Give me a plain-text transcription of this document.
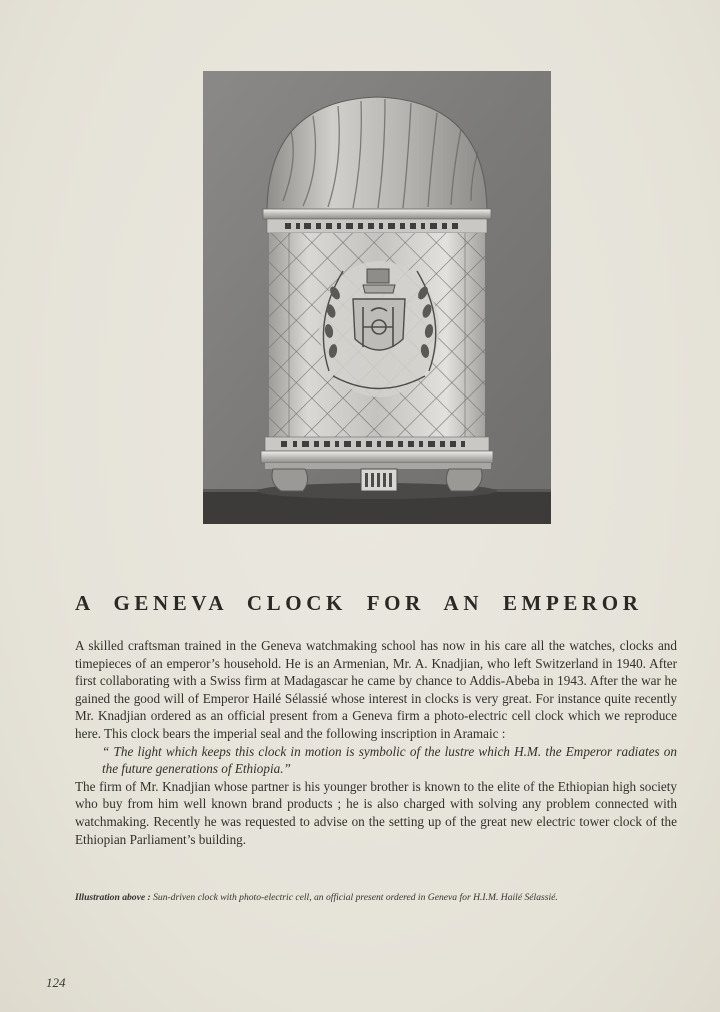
A GENEVA CLOCK FOR AN EMPEROR

A skilled craftsman trained in the Geneva watchmaking school has now in his care all the watches, clocks and timepieces of an emperor’s household. He is an Armenian, Mr. A. Knadjian, who left Switzerland in 1940. After first collaborating with a Swiss firm at Madagascar he came by chance to Addis-Abeba in 1943. After the war he gained the good will of Emperor Hailé Sélassié whose interest in clocks is very great. For instance quite recently Mr. Knadjian ordered as an official present from a Geneva firm a photo-electric cell clock which we reproduce here. This clock bears the imperial seal and the following inscription in Aramaic :

“ The light which keeps this clock in motion is symbolic of the lustre which H.M. the Emperor radiates on the future generations of Ethiopia.”

The firm of Mr. Knadjian whose partner is his younger brother is known to the elite of the Ethiopian high society who buy from him well known brand products ; he is also charged with solving any problem connected with watchmaking. Recently he was requested to advise on the setting up of the great new electric tower clock of the Ethiopian Parliament’s building.

Illustration above : Sun-driven clock with photo-electric cell, an official present ordered in Geneva for H.I.M. Hailé Sélassié.
124
